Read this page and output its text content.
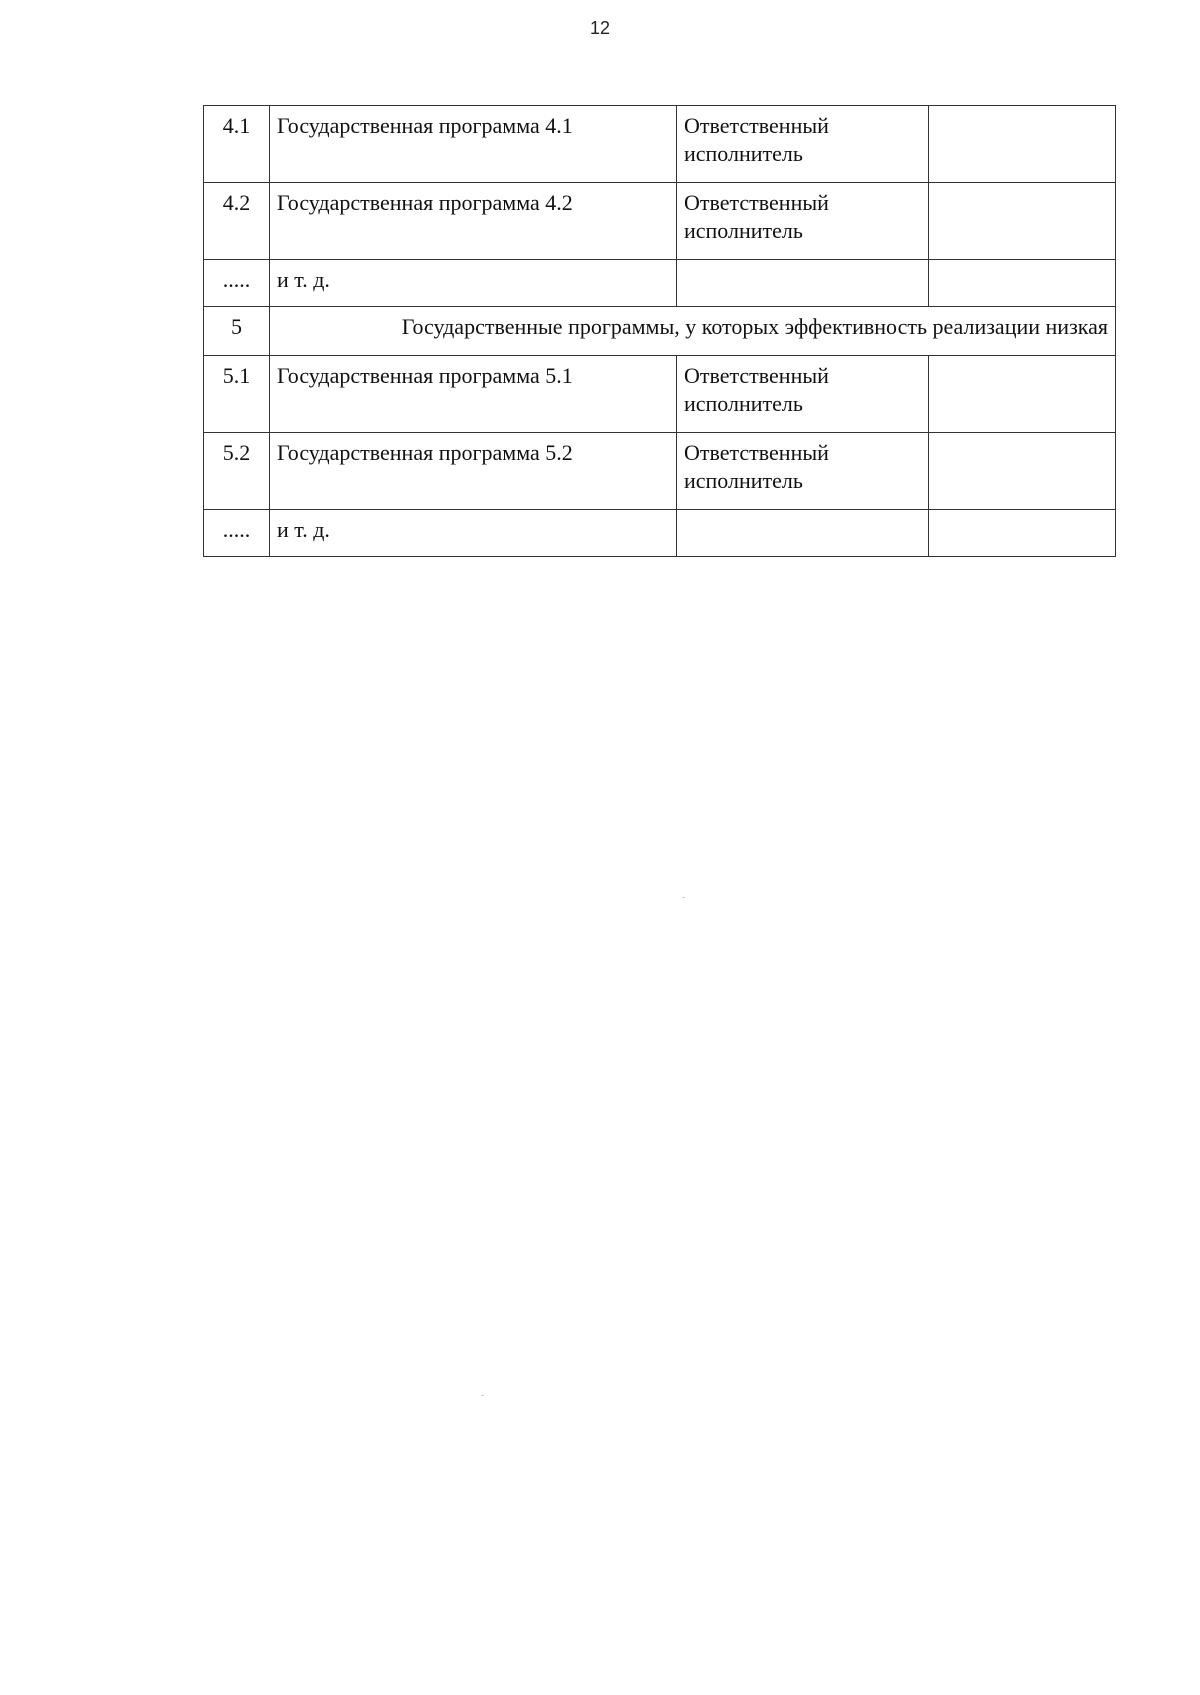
12
4.1	Государственная программа 4.1	Ответственный
исполнитель	

4.2	Государственная программа 4.2	Ответственный
исполнитель	

.....	и т. д.		
5	Государственные программы, у которых эффективность реализации низкая		
5.1	Государственная программа 5.1	Ответственный
исполнитель	

5.2	Государственная программа 5.2	Ответственный
исполнитель	

.....	и т. д.		
